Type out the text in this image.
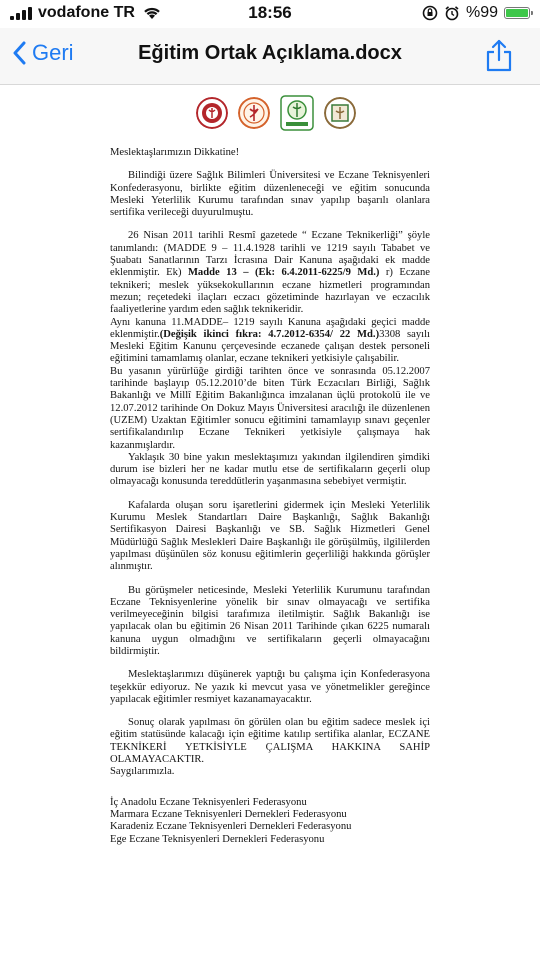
vodafone TR	18:56	%99
Geri	Eğitim Ortak Açıklama.docx

Meslektaşlarımızın Dikkatine!

Bilindiği üzere Sağlık Bilimleri Üniversitesi ve Eczane Teknisyenleri Konfederasyonu, birlikte eğitim düzenleneceği ve eğitim sonucunda Mesleki Yeterlilik Kurumu tarafından sınav yapılıp başarılı olanlara sertifika verileceği duyurulmuştu.

26 Nisan 2011 tarihli Resmî gazetede “ Eczane Teknikerliği” şöyle tanımlandı: (MADDE 9 – 11.4.1928 tarihli ve 1219 sayılı Tababet ve Şuabatı Sanatlarının Tarzı İcrasına Dair Kanuna aşağıdaki ek madde eklenmiştir. Ek) Madde 13 – (Ek: 6.4.2011-6225/9 Md.) r) Eczane teknikeri; meslek yüksekokullarının eczane hizmetleri programından mezun; reçetedeki ilaçları eczacı gözetiminde hazırlayan ve eczacılık faaliyetlerine yardım eden sağlık teknikeridir.

Aynı kanuna 11.MADDE– 1219 sayılı Kanuna aşağıdaki geçici madde eklenmiştir.(Değişik ikinci fıkra: 4.7.2012-6354/ 22 Md.)3308 sayılı Mesleki Eğitim Kanunu çerçevesinde eczanede çalışan destek personeli eğitimini tamamlamış olanlar, eczane teknikeri yetkisiyle çalışabilir.

Bu yasanın yürürlüğe girdiği tarihten önce ve sonrasında 05.12.2007 tarihinde başlayıp 05.12.2010’de biten Türk Eczacıları Birliği, Sağlık Bakanlığı ve Millî Eğitim Bakanlığınca imzalanan üçlü protokolü ile ve 12.07.2012 tarihinde On Dokuz Mayıs Üniversitesi aracılığı ile düzenlenen (UZEM) Uzaktan Eğitimler sonucu eğitimini tamamlayıp sınavı geçenler sertifikalandırılıp Eczane Teknikeri yetkisiyle çalışmaya hak kazanmışlardır.

Yaklaşık 30 bine yakın meslektaşımızı yakından ilgilendiren şimdiki durum ise bizleri her ne kadar mutlu etse de sertifikaların geçerli olup olmayacağı konusunda tereddütlerin yaşanmasına sebebiyet vermiştir.

Kafalarda oluşan soru işaretlerini gidermek için Mesleki Yeterlilik Kurumu Meslek Standartları Daire Başkanlığı, Sağlık Bakanlığı Sertifikasyon Dairesi Başkanlığı ve SB. Sağlık Hizmetleri Genel Müdürlüğü Sağlık Meslekleri Daire Başkanlığı ile görüşülmüş, ilgililerden yapılması düşünülen söz konusu eğitimlerin geçerliliği hakkında görüşler alınmıştır.

Bu görüşmeler neticesinde, Mesleki Yeterlilik Kurumunu tarafından Eczane Teknisyenlerine yönelik bir sınav olmayacağı ve sertifika verilmeyeceğinin bilgisi tarafımıza iletilmiştir. Sağlık Bakanlığı ise yapılacak olan bu eğitimin 26 Nisan 2011 Tarihinde çıkan 6225 numaralı kanuna uygun olmadığını ve sertifikaların geçerli olmayacağını bildirmiştir.

Meslektaşlarımızı düşünerek yaptığı bu çalışma için Konfederasyona teşekkür ediyoruz. Ne yazık ki mevcut yasa ve yönetmelikler gereğince yapılacak eğitimler resmiyet kazanamayacaktır.

Sonuç olarak yapılması ön görülen olan bu eğitim sadece meslek içi eğitim statüsünde kalacağı için eğitime katılıp sertifika alanlar, ECZANE TEKNİKERİ YETKİSİYLE ÇALIŞMA HAKKINA SAHİP OLAMAYACAKTIR.

Saygılarımızla.

İç Anadolu Eczane Teknisyenleri Federasyonu

Marmara Eczane Teknisyenleri Dernekleri Federasyonu

Karadeniz Eczane Teknisyenleri Dernekleri Federasyonu

Ege Eczane Teknisyenleri Dernekleri Federasyonu
